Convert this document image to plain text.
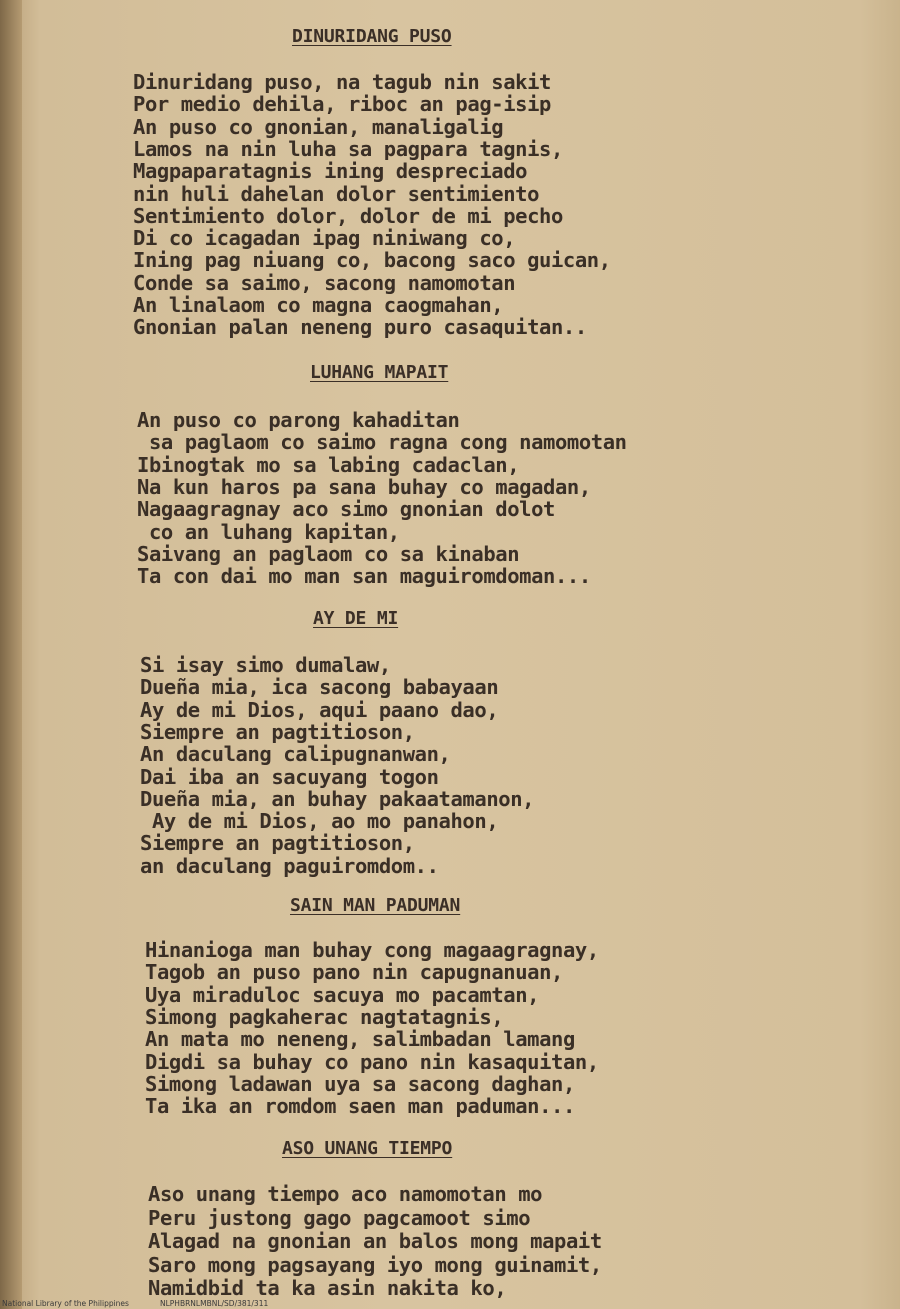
DINURIDANG PUSO
Dinuridang puso, na tagub nin sakit
Por medio dehila, riboc an pag-isip
An puso co gnonian, manaligalig
Lamos na nin luha sa pagpara tagnis,
Magpaparatagnis ining despreciado
nin huli dahelan dolor sentimiento
Sentimiento dolor, dolor de mi pecho
Di co icagadan ipag niniwang co,
Ining pag niuang co, bacong saco guican,
Conde sa saimo, sacong namomotan
An linalaom co magna caogmahan,
Gnonian palan neneng puro casaquitan..
LUHANG MAPAIT
An puso co parong kahaditan
sa paglaom co saimo ragna cong namomotan
Ibinogtak mo sa labing cadaclan,
Na kun haros pa sana buhay co magadan,
Nagaagragnay aco simo gnonian dolot
co an luhang kapitan,
Saivang an paglaom co sa kinaban
Ta con dai mo man san maguiromdoman...
AY DE MI
Si isay simo dumalaw,
Dueña mia, ica sacong babayaan
Ay de mi Dios, aqui paano dao,
Siempre an pagtitioson,
An daculang calipugnanwan,
Dai iba an sacuyang togon
Dueña mia, an buhay pakaatamanon,
Ay de mi Dios, ao mo panahon,
Siempre an pagtitioson,
an daculang paguiromdom..
SAIN MAN PADUMAN
Hinanioga man buhay cong magaagragnay,
Tagob an puso pano nin capugnanuan,
Uya miraduloc sacuya mo pacamtan,
Simong pagkaherac nagtatagnis,
An mata mo neneng, salimbadan lamang
Digdi sa buhay co pano nin kasaquitan,
Simong ladawan uya sa sacong daghan,
Ta ika an romdom saen man paduman...
ASO UNANG TIEMPO
Aso unang tiempo aco namomotan mo
Peru justong gago pagcamoot simo
Alagad na gnonian an balos mong mapait
Saro mong pagsayang iyo mong guinamit,
Namidbid ta ka asin nakita ko,
National Library of the Philippines	NLPHBRNLMBNL/SD/381/311
